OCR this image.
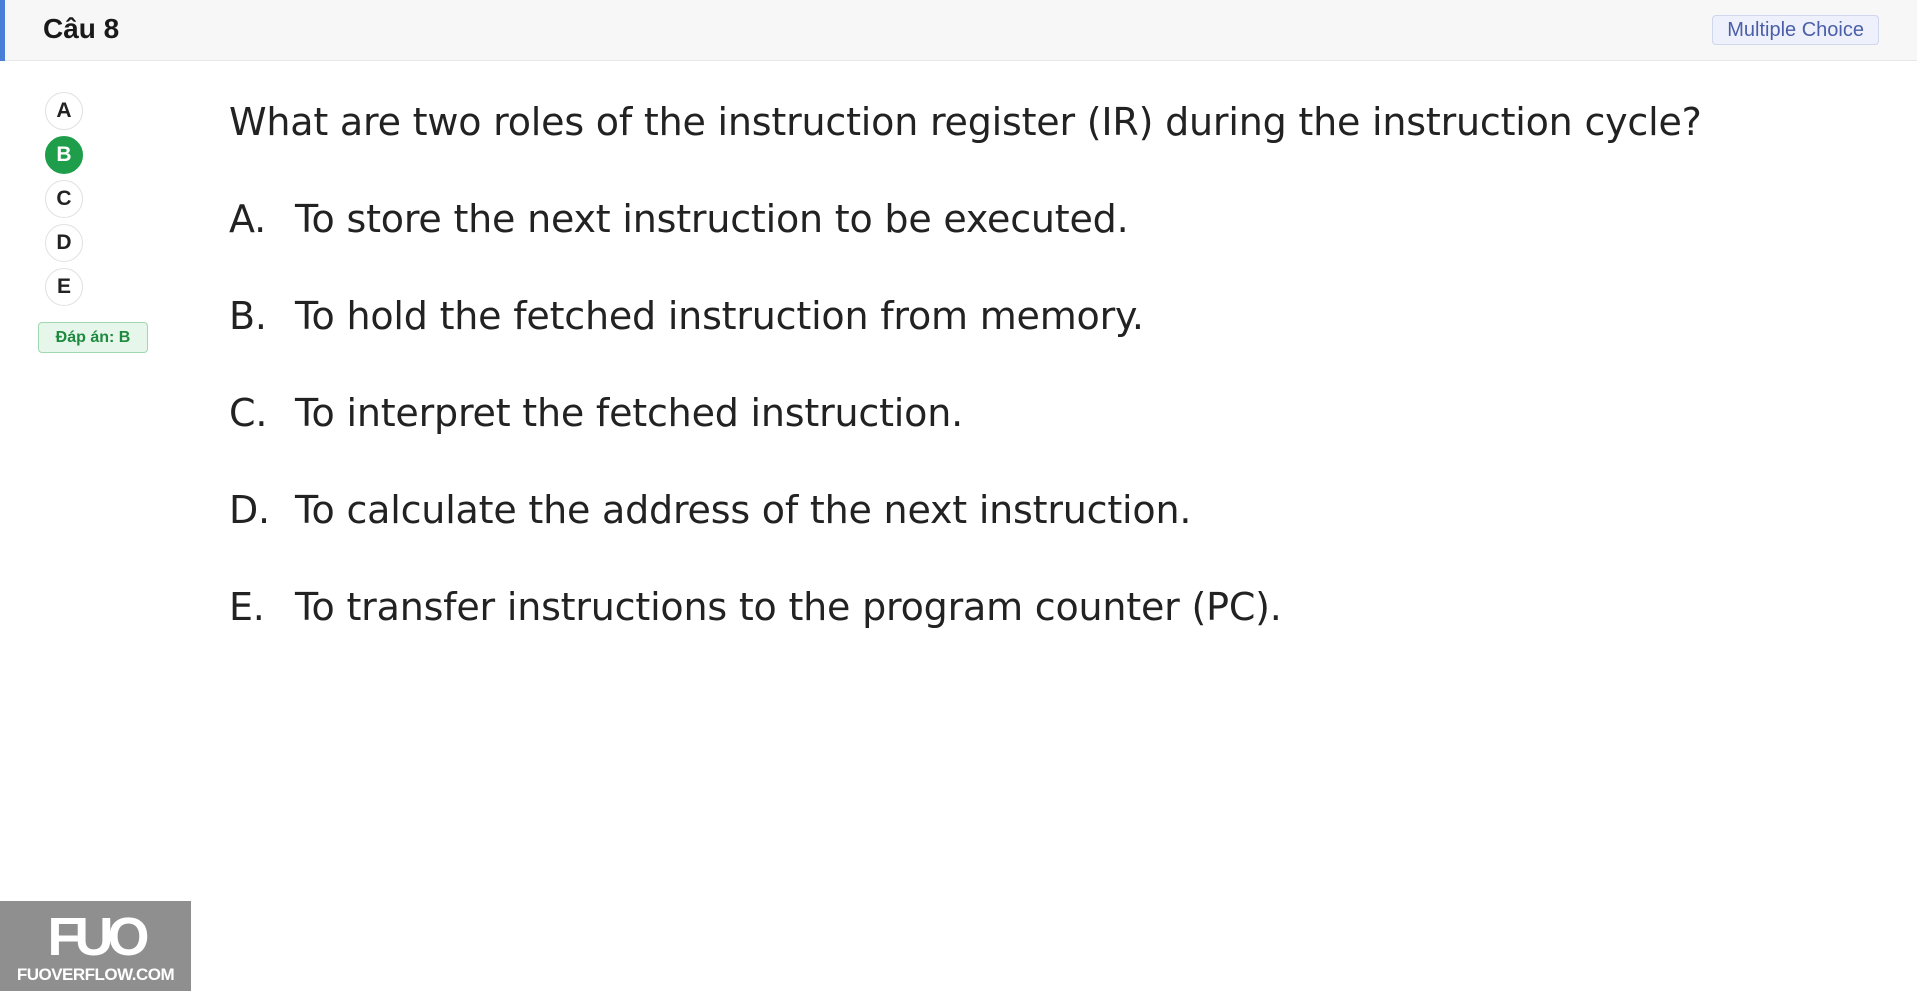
Câu 8	Multiple Choice
A
B
C
D
E
Đáp án: B
What are two roles of the instruction register (IR) during the instruction cycle?
A. To store the next instruction to be executed.
B. To hold the fetched instruction from memory.
C. To interpret the fetched instruction.
D. To calculate the address of the next instruction.
E. To transfer instructions to the program counter (PC).
FUO
FUOVERFLOW.COM
